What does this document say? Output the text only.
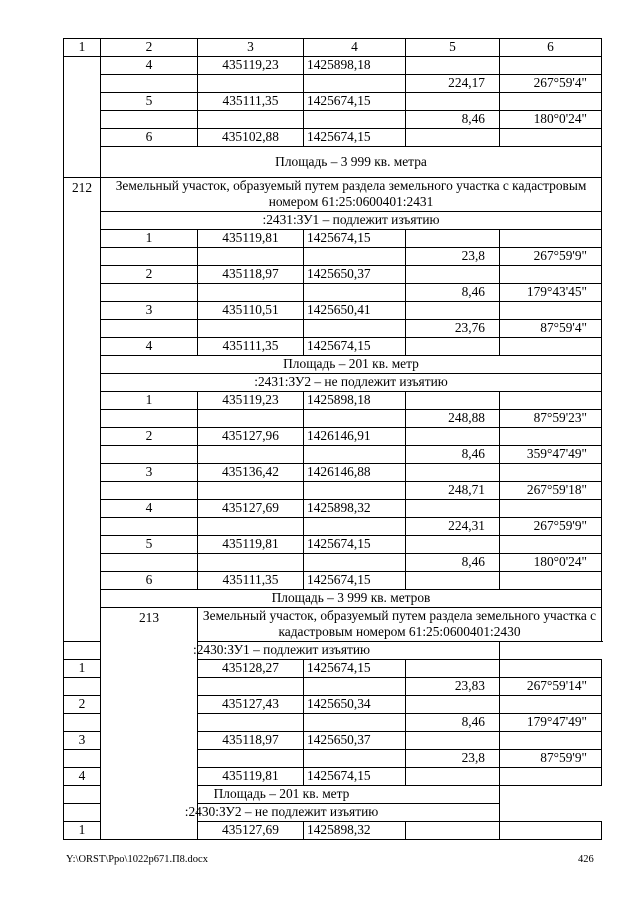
1	2	3	4	5	6
	4	435119,23	1425898,18		
				224,17	267°59'4"
	5	435111,35	1425674,15		
				8,46	180°0'24"
	6	435102,88	1425674,15		
	Площадь – 3 999 кв. метра				
212	Земельный участок, образуемый путем раздела земельного участка с кадастровым номером 61:25:0600401:2431				
	:2431:ЗУ1 – подлежит изъятию				
	1	435119,81	1425674,15		
				23,8	267°59'9"
	2	435118,97	1425650,37		
				8,46	179°43'45"
	3	435110,51	1425650,41		
				23,76	87°59'4"
	4	435111,35	1425674,15		
	Площадь – 201 кв. метр				
	:2431:ЗУ2 – не подлежит изъятию				
	1	435119,23	1425898,18		
				248,88	87°59'23"
	2	435127,96	1426146,91		
				8,46	359°47'49"
	3	435136,42	1426146,88		
				248,71	267°59'18"
	4	435127,69	1425898,32		
				224,31	267°59'9"
	5	435119,81	1425674,15		
				8,46	180°0'24"
	6	435111,35	1425674,15		
	Площадь – 3 999 кв. метров				
	213	Земельный участок, образуемый путем раздела земельного участка с кадастровым номером 61:25:0600401:2430			
:2430:ЗУ1 – подлежит изъятию					
1		435128,27	1425674,15		
				23,83	267°59'14"
2		435127,43	1425650,34		
				8,46	179°47'49"
3		435118,97	1425650,37		
				23,8	87°59'9"
4		435119,81	1425674,15		
Площадь – 201 кв. метр					
:2430:ЗУ2 – не подлежит изъятию					
1		435127,69	1425898,32		
Y:\ORST\Ppo\1022p671.П8.docx	426
